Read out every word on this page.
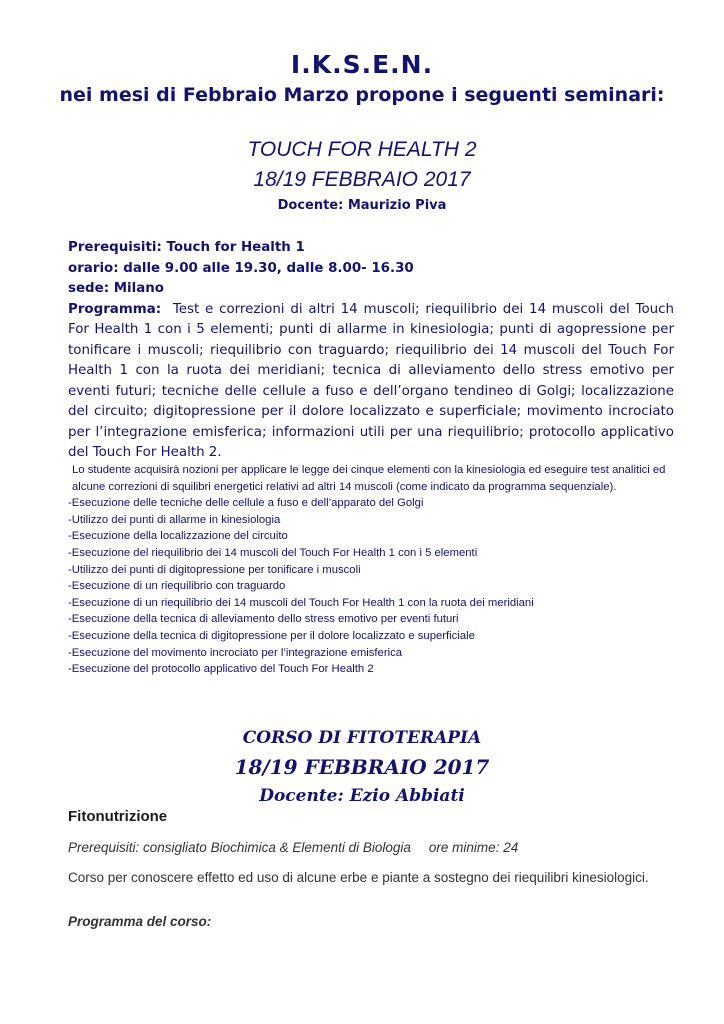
I.K.S.E.N.
nei mesi di Febbraio Marzo propone i seguenti seminari:
TOUCH FOR HEALTH 2
18/19 FEBBRAIO 2017
Docente: Maurizio Piva
Prerequisiti: Touch for Health 1
orario: dalle 9.00 alle 19.30, dalle 8.00- 16.30
sede: Milano
Programma: Test e correzioni di altri 14 muscoli; riequilibrio dei 14 muscoli del Touch For Health 1 con i 5 elementi; punti di allarme in kinesiologia; punti di agopressione per tonificare i muscoli; riequilibrio con traguardo; riequilibrio dei 14 muscoli del Touch For Health 1 con la ruota dei meridiani; tecnica di alleviamento dello stress emotivo per eventi futuri; tecniche delle cellule a fuso e dell’organo tendineo di Golgi; localizzazione del circuito; digitopressione per il dolore localizzato e superficiale; movimento incrociato per l’integrazione emisferica; informazioni utili per una riequilibrio; protocollo applicativo del Touch For Health 2.

Lo studente acquisirà nozioni per applicare le legge dei cinque elementi con la kinesiologia ed eseguire test analitici ed alcune correzioni di squilibri energetici relativi ad altri 14 muscoli (come indicato da programma sequenziale).

-Esecuzione delle tecniche delle cellule a fuso e dell’apparato del Golgi

-Utilizzo dei punti di allarme in kinesiologia

-Esecuzione della localizzazione del circuito

-Esecuzione del riequilibrio dei 14 muscoli del Touch For Health 1 con i 5 elementi

-Utilizzo dei punti di digitopressione per tonificare i muscoli

-Esecuzione di un riequilibrio con traguardo

-Esecuzione di un riequilibrio dei 14 muscoli del Touch For Health 1 con la ruota dei meridiani

-Esecuzione della tecnica di alleviamento dello stress emotivo per eventi futuri

-Esecuzione della tecnica di digitopressione per il dolore localizzato e superficiale

-Esecuzione del movimento incrociato per l’integrazione emisferica

-Esecuzione del protocollo applicativo del Touch For Health 2

CORSO DI FITOTERAPIA
18/19 FEBBRAIO 2017
Docente: Ezio Abbiati
Fitonutrizione
Prerequisiti: consigliato Biochimica & Elementi di Biologia ore minime: 24
Corso per conoscere effetto ed uso di alcune erbe e piante a sostegno dei riequilibri kinesiologici.
Programma del corso:
